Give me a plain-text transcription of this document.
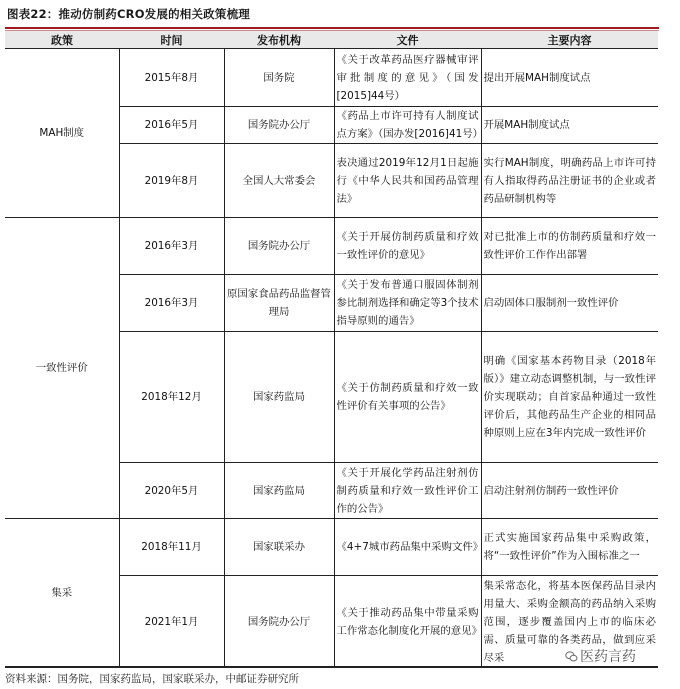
图表22：推动仿制药CRO发展的相关政策梳理
政策	时间	发布机构	文件	主要内容
MAH制度	2015年8月	国务院	《关于改革药品医疗器械审评审批制度的意见》（国发[2015]44号）	提出开展MAH制度试点
	2016年5月	国务院办公厅	《药品上市许可持有人制度试点方案》（国办发[2016]41号）	开展MAH制度试点
	2019年8月	全国人大常委会	表决通过2019年12月1日起施行《中华人民共和国药品管理法》	实行MAH制度，明确药品上市许可持有人指取得药品注册证书的企业或者药品研制机构等
一致性评价	2016年3月	国务院办公厅	《关于开展仿制药质量和疗效一致性评价的意见》	对已批准上市的仿制药质量和疗效一致性评价工作作出部署
	2016年3月	原国家食品药品监督管理局	《关于发布普通口服固体制剂参比制剂选择和确定等3个技术指导原则的通告》	启动固体口服制剂一致性评价
	2018年12月	国家药监局	《关于仿制药质量和疗效一致性评价有关事项的公告》	明确《国家基本药物目录（2018年版）》建立动态调整机制，与一致性评价实现联动；自首家品种通过一致性评价后，其他药品生产企业的相同品种原则上应在3年内完成一致性评价
	2020年5月	国家药监局	《关于开展化学药品注射剂仿制药质量和疗效一致性评价工作的公告》	启动注射剂仿制药一致性评价
集采	2018年11月	国家联采办	《4+7城市药品集中采购文件》	正式实施国家药品集中采购政策，将“一致性评价”作为入围标准之一
	2021年1月	国务院办公厅	《关于推动药品集中带量采购工作常态化制度化开展的意见》	集采常态化，将基本医保药品目录内用量大、采购金额高的药品纳入采购范围，逐步覆盖国内上市的临床必需、质量可靠的各类药品，做到应采尽采
资料来源：国务院，国家药监局，国家联采办，中邮证券研究所
医药言药
